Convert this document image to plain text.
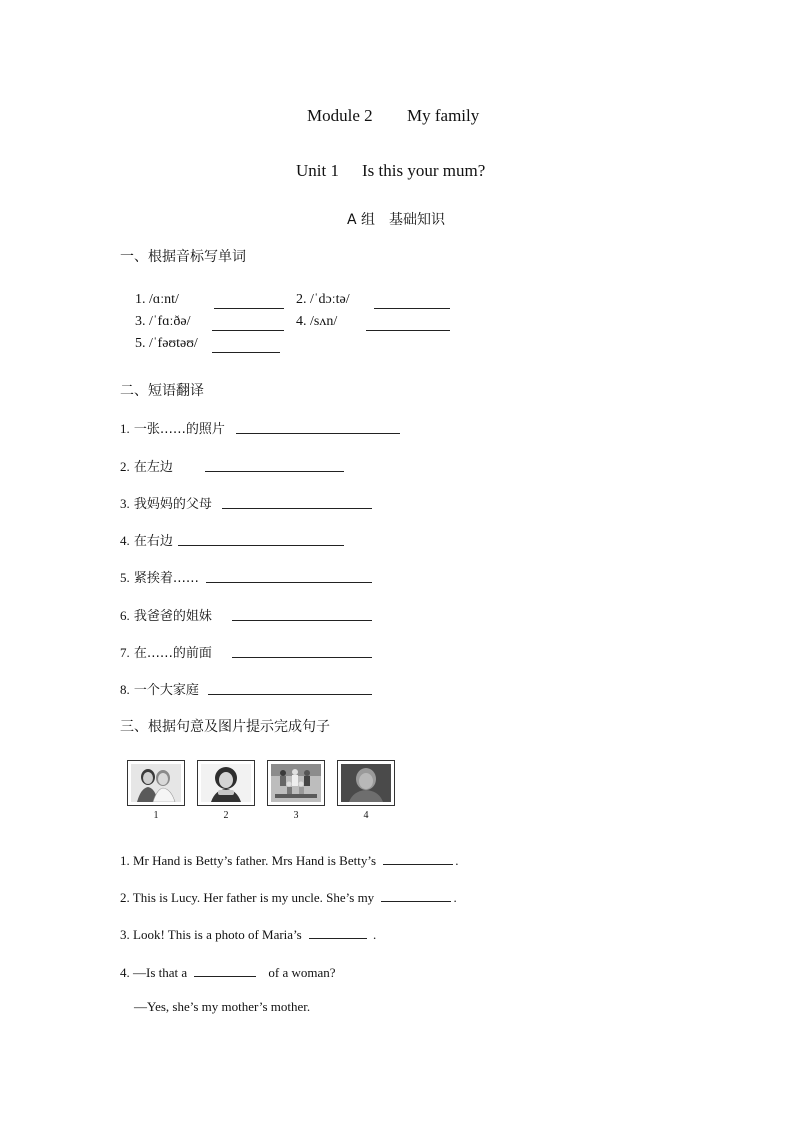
Module 2 My family
Unit 1 Is this your mum?
A 组　基础知识
一、根据音标写单词
1. /ɑːnt/	2. /ˈdɔːtə/
3. /ˈfɑːðə/	4. /sʌn/
5. /ˈfəʊtəʊ/
二、短语翻译
1. 一张……的照片
2. 在左边
3. 我妈妈的父母
4. 在右边
5. 紧挨着……
6. 我爸爸的姐妹
7. 在……的前面
8. 一个大家庭
三、根据句意及图片提示完成句子
1	2	3	4
1. Mr Hand is Betty’s father. Mrs Hand is Betty’s	.
2. This is Lucy. Her father is my uncle. She’s my	.
3. Look! This is a photo of Maria’s	.
4. —Is that a	of a woman?
—Yes, she’s my mother’s mother.
